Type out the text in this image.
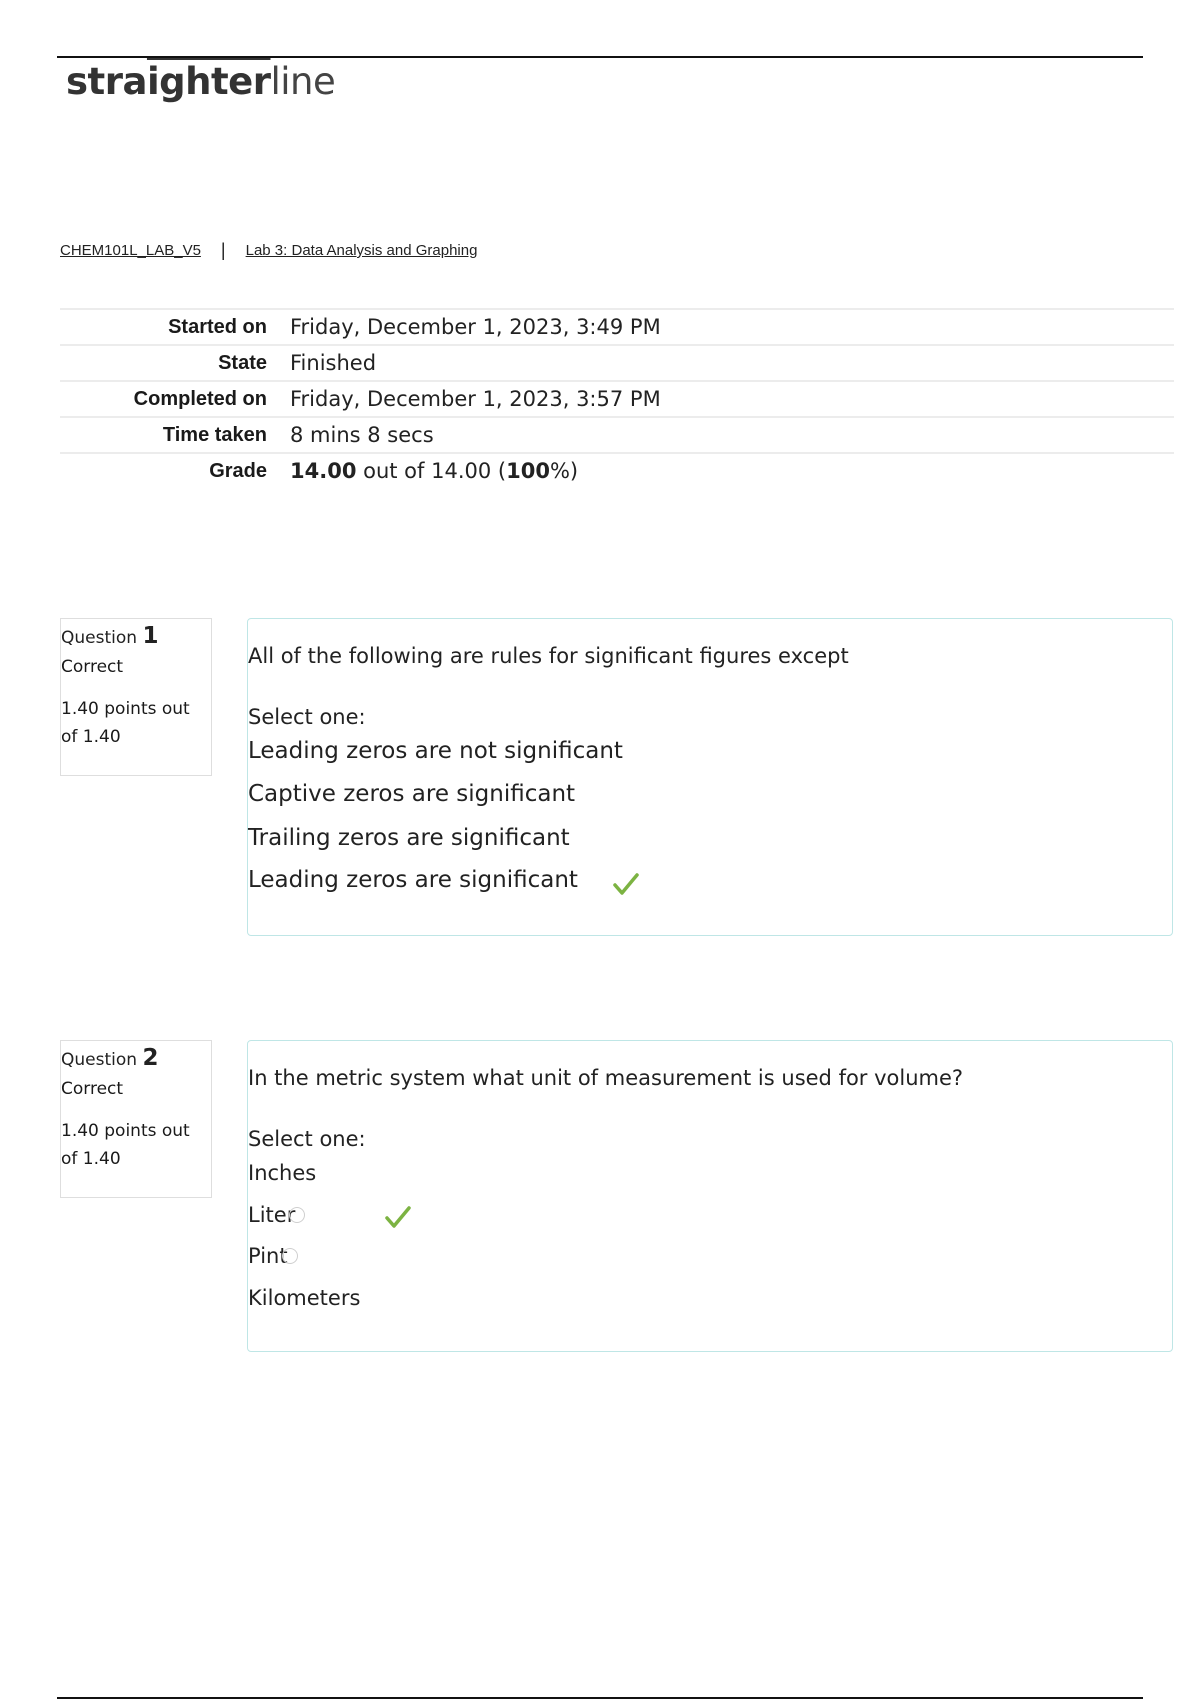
straighterline
CHEM101L_LAB_V5 | Lab 3: Data Analysis and Graphing
Started on	Friday, December 1, 2023, 3:49 PM
State	Finished
Completed on	Friday, December 1, 2023, 3:57 PM
Time taken	8 mins 8 secs
Grade	14.00 out of 14.00 (100%)
Question 1
Correct
1.40 points out of 1.40
All of the following are rules for significant figures except
Select one:
Leading zeros are not significant
Captive zeros are significant
Trailing zeros are significant
Leading zeros are significant
Question 2
Correct
1.40 points out of 1.40
In the metric system what unit of measurement is used for volume?
Select one:
Inches
Liter
Pint
Kilometers
